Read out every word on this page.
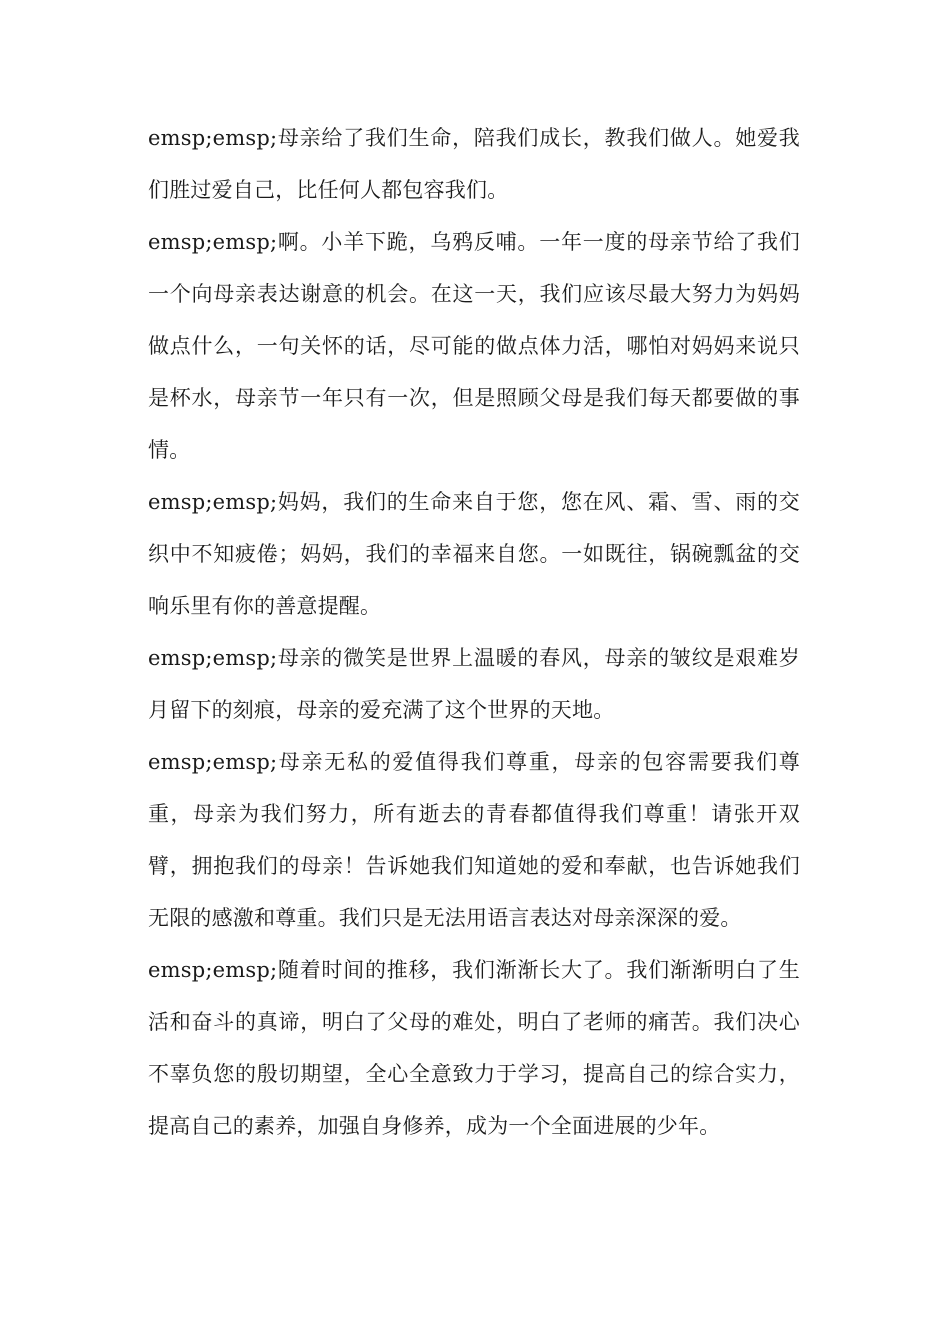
emsp;emsp;母亲给了我们生命，陪我们成长，教我们做人。她爱我们胜过爱自己，比任何人都包容我们。

emsp;emsp;啊。小羊下跪，乌鸦反哺。一年一度的母亲节给了我们一个向母亲表达谢意的机会。在这一天，我们应该尽最大努力为妈妈做点什么，一句关怀的话，尽可能的做点体力活，哪怕对妈妈来说只是杯水，母亲节一年只有一次，但是照顾父母是我们每天都要做的事情。

emsp;emsp;妈妈，我们的生命来自于您，您在风、霜、雪、雨的交织中不知疲倦；妈妈，我们的幸福来自您。一如既往，锅碗瓢盆的交响乐里有你的善意提醒。

emsp;emsp;母亲的微笑是世界上温暖的春风，母亲的皱纹是艰难岁月留下的刻痕，母亲的爱充满了这个世界的天地。

emsp;emsp;母亲无私的爱值得我们尊重，母亲的包容需要我们尊重，母亲为我们努力，所有逝去的青春都值得我们尊重！请张开双臂，拥抱我们的母亲！告诉她我们知道她的爱和奉献，也告诉她我们无限的感激和尊重。我们只是无法用语言表达对母亲深深的爱。

emsp;emsp;随着时间的推移，我们渐渐长大了。我们渐渐明白了生活和奋斗的真谛，明白了父母的难处，明白了老师的痛苦。我们决心不辜负您的殷切期望，全心全意致力于学习，提高自己的综合实力，提高自己的素养，加强自身修养，成为一个全面进展的少年。
